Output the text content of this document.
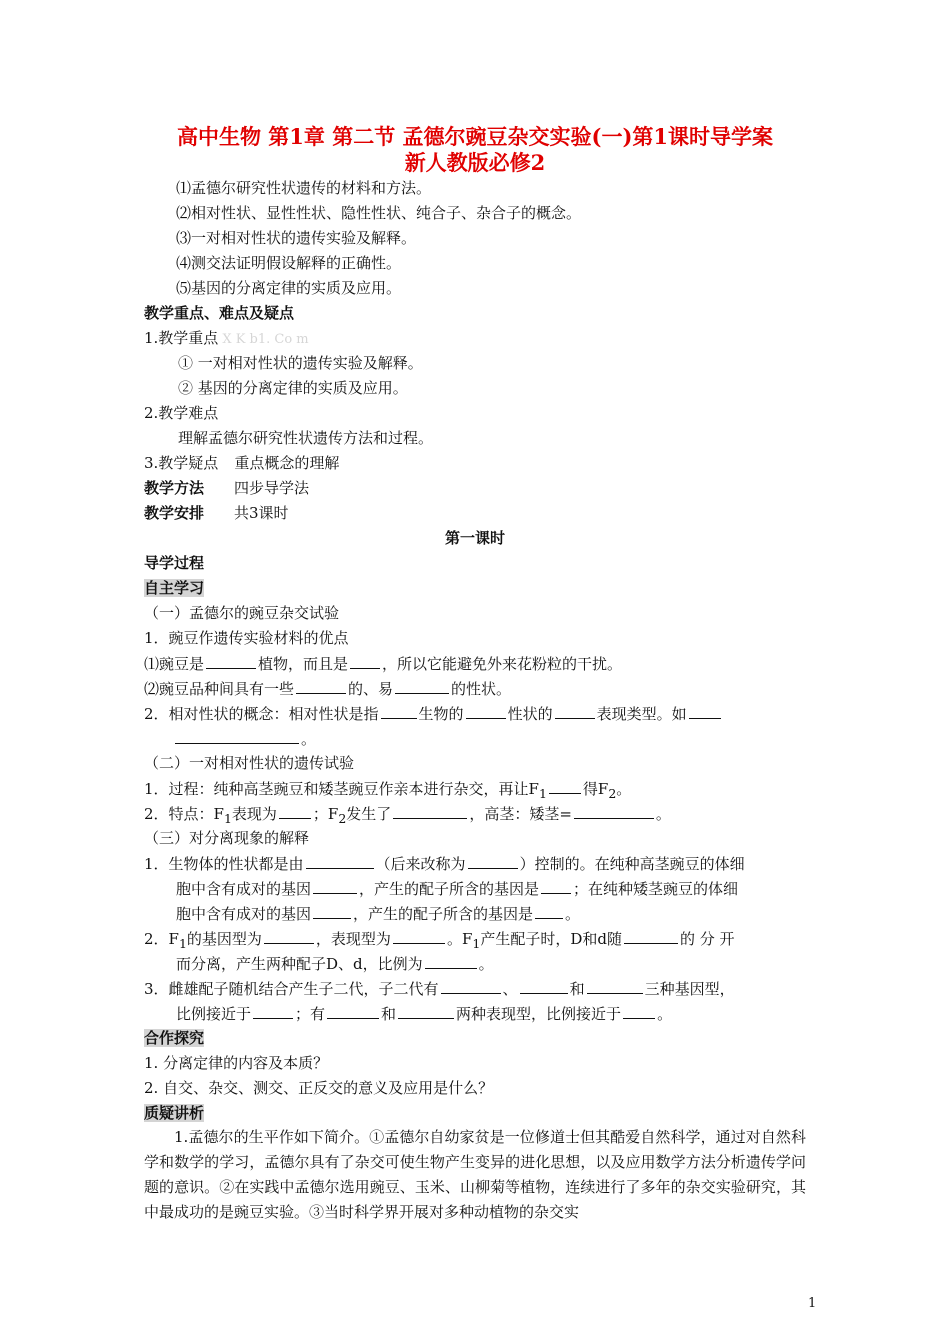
高中生物 第1章 第二节 孟德尔豌豆杂交实验(一)第1课时导学案
新人教版必修2
⑴孟德尔研究性状遗传的材料和方法。
⑵相对性状、显性性状、隐性性状、纯合子、杂合子的概念。
⑶一对相对性状的遗传实验及解释。
⑷测交法证明假设解释的正确性。
⑸基因的分离定律的实质及应用。
教学重点、难点及疑点
1.教学重点 X K b1. Co m
① 一对相对性状的遗传实验及解释。
② 基因的分离定律的实质及应用。
2.教学难点
理解孟德尔研究性状遗传方法和过程。
3.教学疑点 重点概念的理解
教学方法 四步导学法
教学安排 共3课时
第一课时
导学过程
自主学习
（一）孟德尔的豌豆杂交试验
1．豌豆作遗传实验材料的优点
⑴豌豆是	植物，而且是 ，所以它能避免外来花粉粒的干扰。
⑵豌豆品种间具有一些	的、易	的性状。
2．相对性状的概念：相对性状是指	生物的	性状的	表现类型。如
。
（二）一对相对性状的遗传试验
1．过程：纯种高茎豌豆和矮茎豌豆作亲本进行杂交，再让$F_1$ 得$F_2$。
2．特点：$F_1$表现为 ；$F_2$发生了	，高茎：矮茎=	。
（三）对分离现象的解释
1．生物体的性状都是由	（后来改称为	）控制的。在纯种高茎豌豆的体细
胞中含有成对的基因	，产生的配子所含的基因是 ；在纯种矮茎豌豆的体细
胞中含有成对的基因	，产生的配子所含的基因是 。
2．$F_1$的基因型为	，表现型为	。$F_1$产生配子时，D和d随	的 分 开
而分离，产生两种配子D、d，比例为	。
3．雌雄配子随机结合产生子二代，子二代有	、	和	三种基因型，
比例接近于	；有	和	两种表现型，比例接近于 。
合作探究
1. 分离定律的内容及本质？
2. 自交、杂交、测交、正反交的意义及应用是什么？
质疑讲析
1.孟德尔的生平作如下简介。①孟德尔自幼家贫是一位修道士但其酷爱自然科学，通过对自然科学和数学的学习，孟德尔具有了杂交可使生物产生变异的进化思想，以及应用数学方法分析遗传学问题的意识。②在实践中孟德尔选用豌豆、玉米、山柳菊等植物，连续进行了多年的杂交实验研究，其中最成功的是豌豆实验。③当时科学界开展对多种动植物的杂交实
1
